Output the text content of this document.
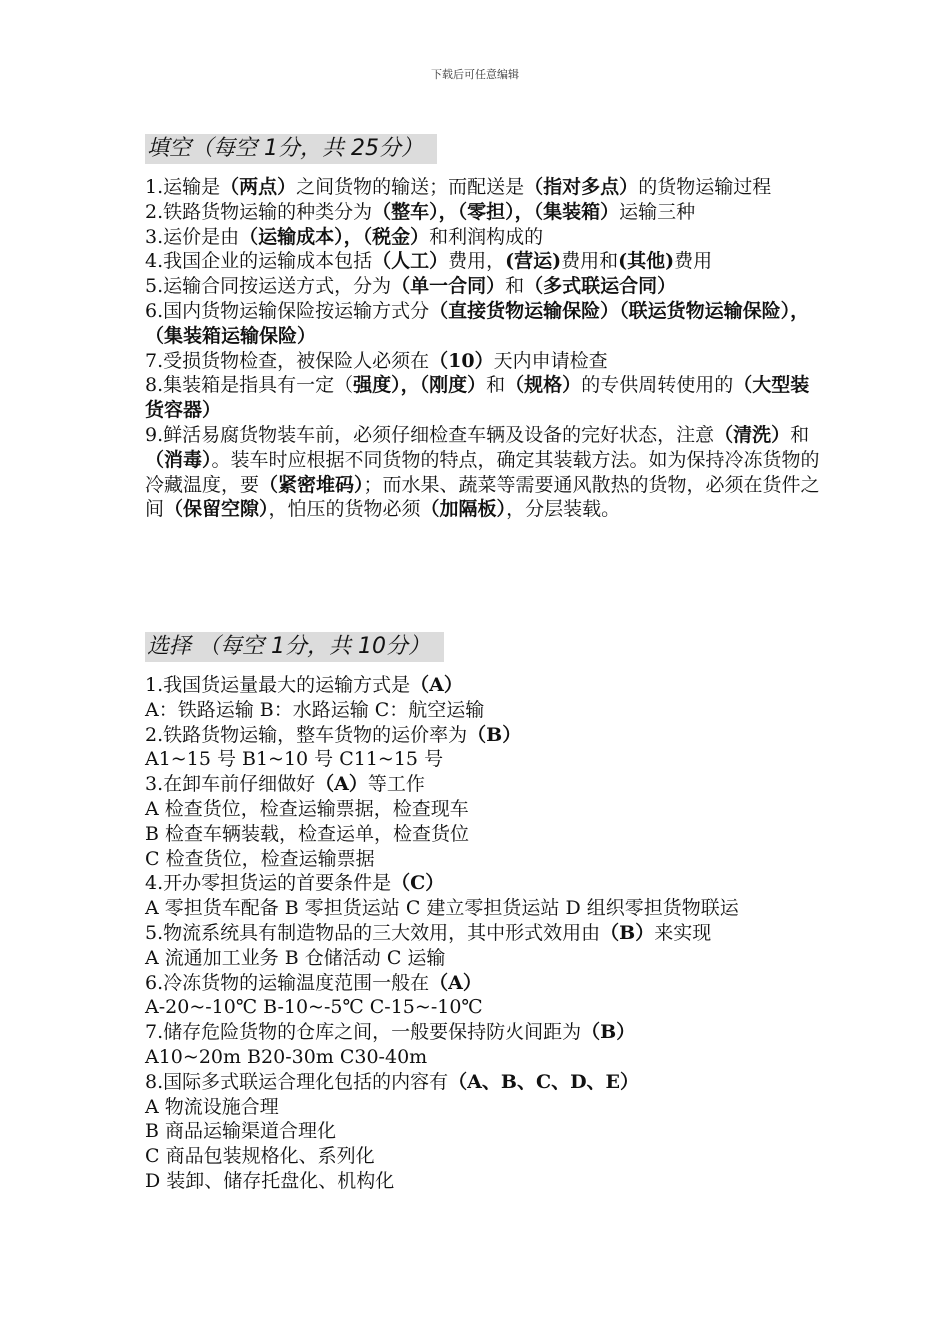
下载后可任意编辑
填空（每空 1分，共 25分）
1.运输是（两点）之间货物的输送；而配送是（指对多点）的货物运输过程
2.铁路货物运输的种类分为（整车），（零担），（集装箱）运输三种
3.运价是由（运输成本），（税金）和利润构成的
4.我国企业的运输成本包括（人工）费用，(营运)费用和(其他)费用
5.运输合同按运送方式，分为（单一合同）和（多式联运合同）
6.国内货物运输保险按运输方式分（直接货物运输保险）（联运货物运输保险），（集装箱运输保险）
7.受损货物检查，被保险人必须在（10）天内申请检查
8.集装箱是指具有一定（强度），（刚度）和（规格）的专供周转使用的（大型装货容器）
9.鲜活易腐货物装车前，必须仔细检查车辆及设备的完好状态，注意（清洗）和（消毒）。装车时应根据不同货物的特点，确定其装载方法。如为保持冷冻货物的冷藏温度，要（紧密堆码）；而水果、蔬菜等需要通风散热的货物，必须在货件之间（保留空隙），怕压的货物必须（加隔板），分层装载。
选择 （每空 1分，共 10分）
1.我国货运量最大的运输方式是（A）
A：铁路运输 B：水路运输 C：航空运输
2.铁路货物运输，整车货物的运价率为（B）
A1~15 号 B1~10 号 C11~15 号
3.在卸车前仔细做好（A）等工作
A 检查货位，检查运输票据，检查现车
B 检查车辆装载，检查运单，检查货位
C 检查货位，检查运输票据
4.开办零担货运的首要条件是（C）
A 零担货车配备 B 零担货运站 C 建立零担货运站 D 组织零担货物联运
5.物流系统具有制造物品的三大效用，其中形式效用由（B）来实现
A 流通加工业务 B 仓储活动 C 运输
6.冷冻货物的运输温度范围一般在（A）
A-20~-10℃ B-10~-5℃ C-15~-10℃
7.储存危险货物的仓库之间，一般要保持防火间距为（B）
A10~20m B20-30m C30-40m
8.国际多式联运合理化包括的内容有（A、B、C、D、E）
A 物流设施合理
B 商品运输渠道合理化
C 商品包装规格化、系列化
D 装卸、储存托盘化、机构化
